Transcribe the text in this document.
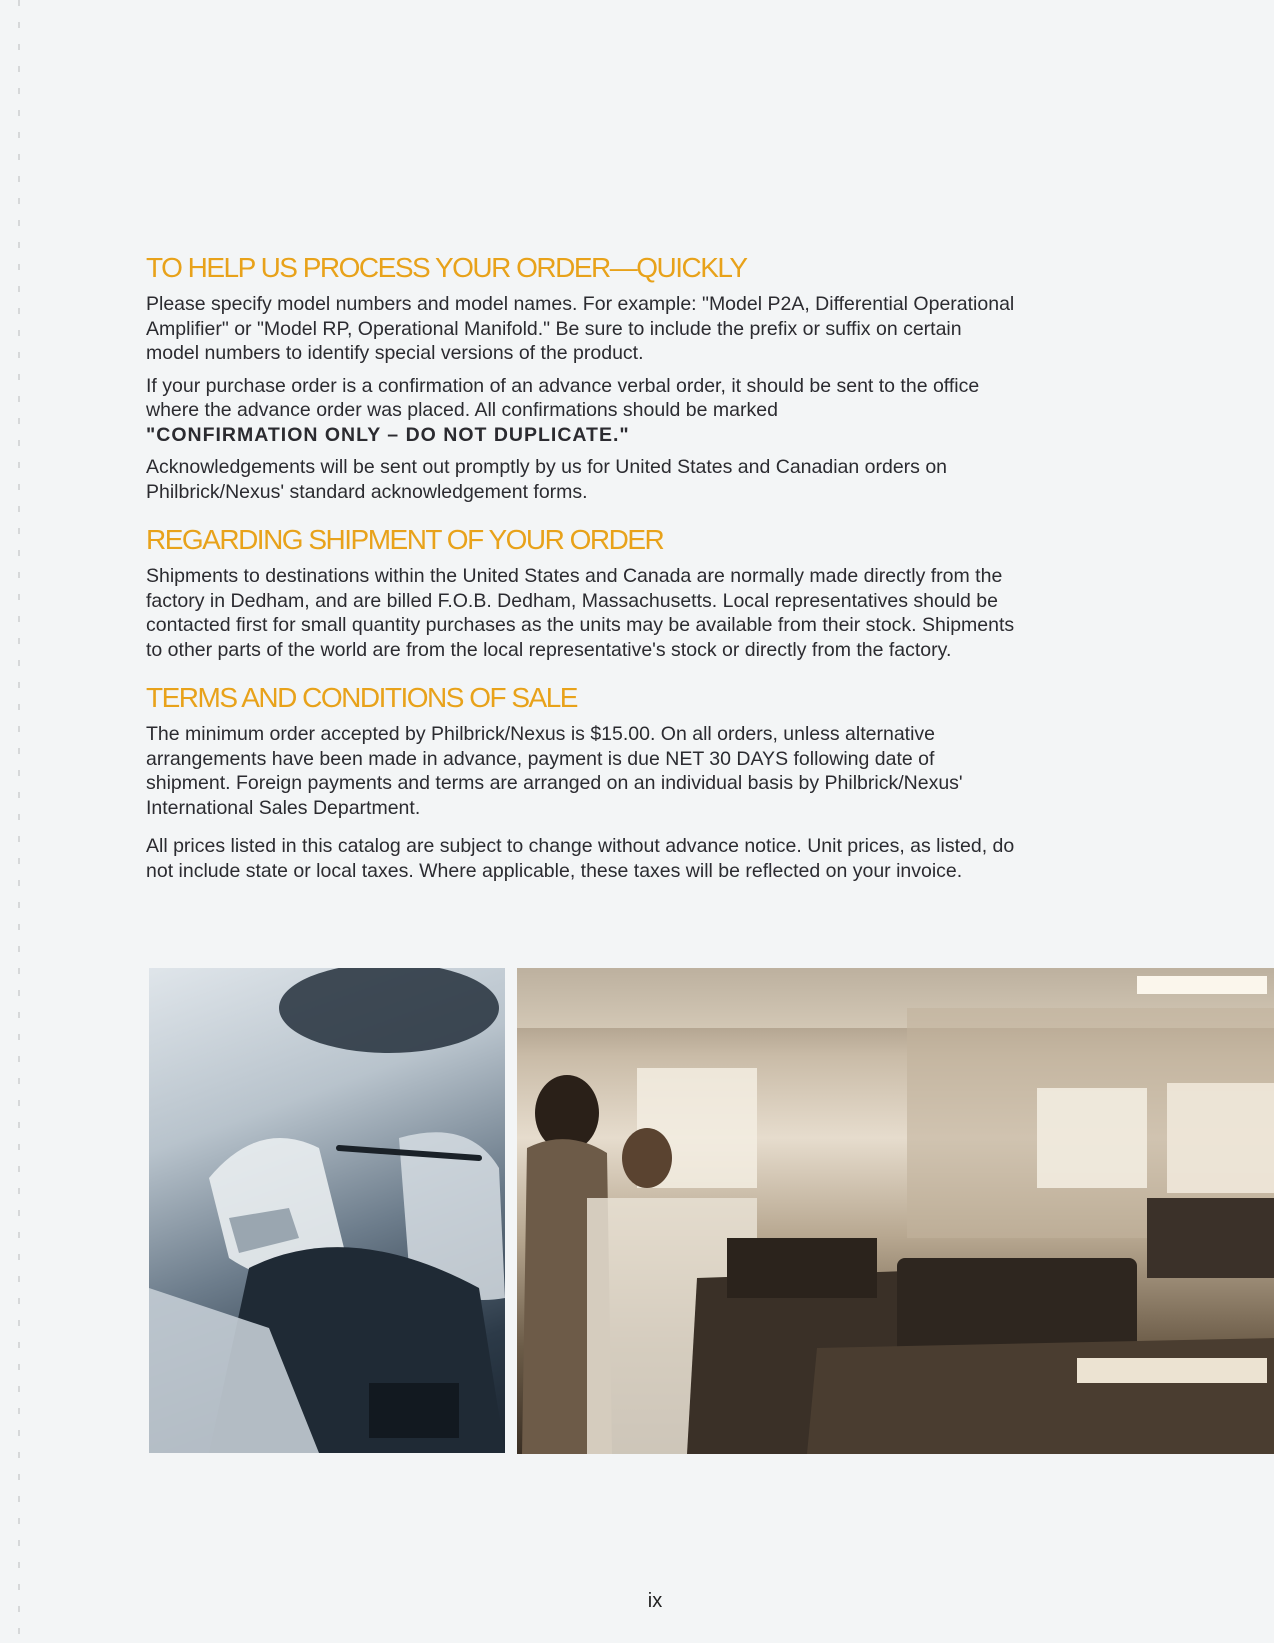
TO HELP US PROCESS YOUR ORDER—QUICKLY

Please specify model numbers and model names. For example: "Model P2A, Differential Operational Amplifier" or "Model RP, Operational Manifold." Be sure to include the prefix or suffix on certain model numbers to identify special versions of the product.

If your purchase order is a confirmation of an advance verbal order, it should be sent to the office where the advance order was placed. All confirmations should be marked
"CONFIRMATION ONLY – DO NOT DUPLICATE."

Acknowledgements will be sent out promptly by us for United States and Canadian orders on Philbrick/Nexus' standard acknowledgement forms.

REGARDING SHIPMENT OF YOUR ORDER

Shipments to destinations within the United States and Canada are normally made directly from the factory in Dedham, and are billed F.O.B. Dedham, Massachusetts. Local representatives should be contacted first for small quantity purchases as the units may be available from their stock. Shipments to other parts of the world are from the local representative's stock or directly from the factory.

TERMS AND CONDITIONS OF SALE

The minimum order accepted by Philbrick/Nexus is $15.00. On all orders, unless alternative arrangements have been made in advance, payment is due NET 30 DAYS following date of shipment. Foreign payments and terms are arranged on an individual basis by Philbrick/Nexus' International Sales Department.

All prices listed in this catalog are subject to change without advance notice. Unit prices, as listed, do not include state or local taxes. Where applicable, these taxes will be reflected on your invoice.

ix
